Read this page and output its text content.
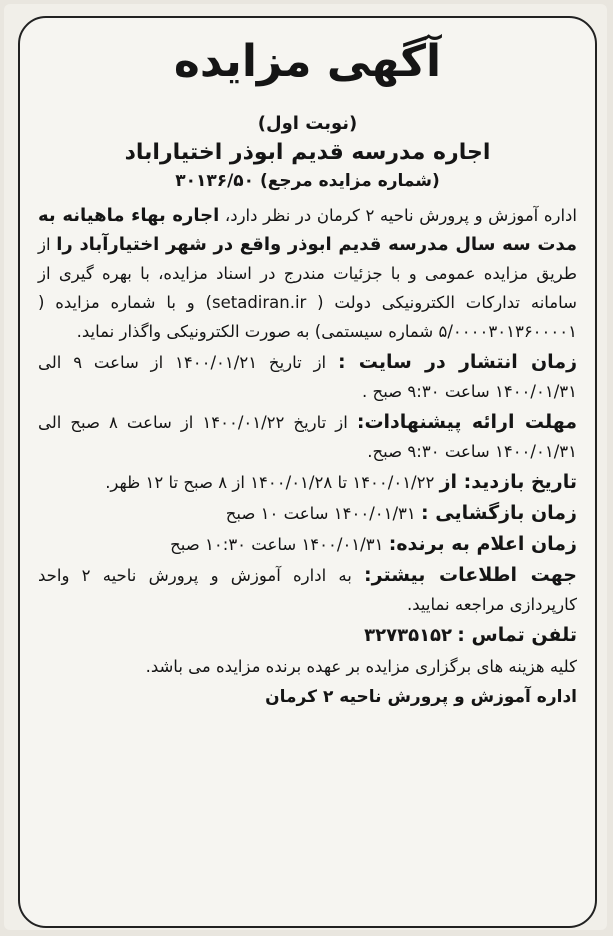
آگهی مزایده
(نوبت اول)
اجاره مدرسه قدیم ابوذر اختیاراباد
(شماره مزایده مرجع) ۳۰۱۳۶/۵۰

اداره آموزش و پرورش ناحیه ۲ کرمان در نظر دارد، اجاره بهاء ماهیانه به مدت سه سال مدرسه قدیم ابوذر واقع در شهر اختیارآباد را از طریق مزایده عمومی و با جزئیات مندرج در اسناد مزایده، با بهره گیری از سامانه تدارکات الکترونیکی دولت ( setadiran.ir) و با شماره مزایده ( ۵/۰۰۰۰۳۰۱۳۶۰۰۰۰۱ شماره سیستمی) به صورت الکترونیکی واگذار نماید.

زمان انتشار در سایت : از تاریخ ۱۴۰۰/۰۱/۲۱ از ساعت ۹ الی ۱۴۰۰/۰۱/۳۱ ساعت ۹:۳۰ صبح .

مهلت ارائه پیشنهادات: از تاریخ ۱۴۰۰/۰۱/۲۲ از ساعت ۸ صبح الی ۱۴۰۰/۰۱/۳۱ ساعت ۹:۳۰ صبح.

تاریخ بازدید: از ۱۴۰۰/۰۱/۲۲ تا ۱۴۰۰/۰۱/۲۸ از ۸ صبح تا ۱۲ ظهر.

زمان بازگشایی : ۱۴۰۰/۰۱/۳۱ ساعت ۱۰ صبح

زمان اعلام به برنده: ۱۴۰۰/۰۱/۳۱ ساعت ۱۰:۳۰ صبح

جهت اطلاعات بیشتر: به اداره آموزش و پرورش ناحیه ۲ واحد کارپردازی مراجعه نمایید.

تلفن تماس : ۳۲۷۳۵۱۵۲

کلیه هزینه های برگزاری مزایده بر عهده برنده مزایده می باشد.

اداره آموزش و پرورش ناحیه ۲ کرمان
